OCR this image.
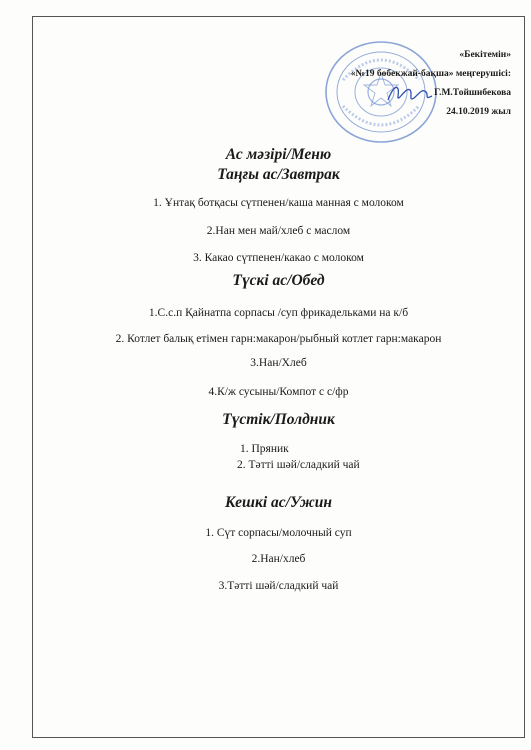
«Бекітемін»
«№19 бөбекжай-бақша» меңгерушісі:
Г.М.Тойшибекова
24.10.2019 жыл
Ас мәзірі/Меню
Таңғы ас/Завтрак
1. Ұнтақ ботқасы сүтпенен/каша манная с молоком
2.Нан мен май/хлеб с маслом
3. Какао сүтпенен/какао с молоком
Түскі ас/Обед
1.С.с.п Қайнатпа сорпасы /суп фрикадельками на к/б
2. Котлет балық етімен гарн:макарон/рыбный котлет гарн:макарон
3.Нан/Хлеб
4.К/ж сусыны/Компот с с/фр
Түстік/Полдник
1. Пряник
2. Тәтті шәй/сладкий чай
Кешкі ас/Ужин
1. Сүт сорпасы/молочный суп
2.Нан/хлеб
3.Тәтті шәй/сладкий чай
